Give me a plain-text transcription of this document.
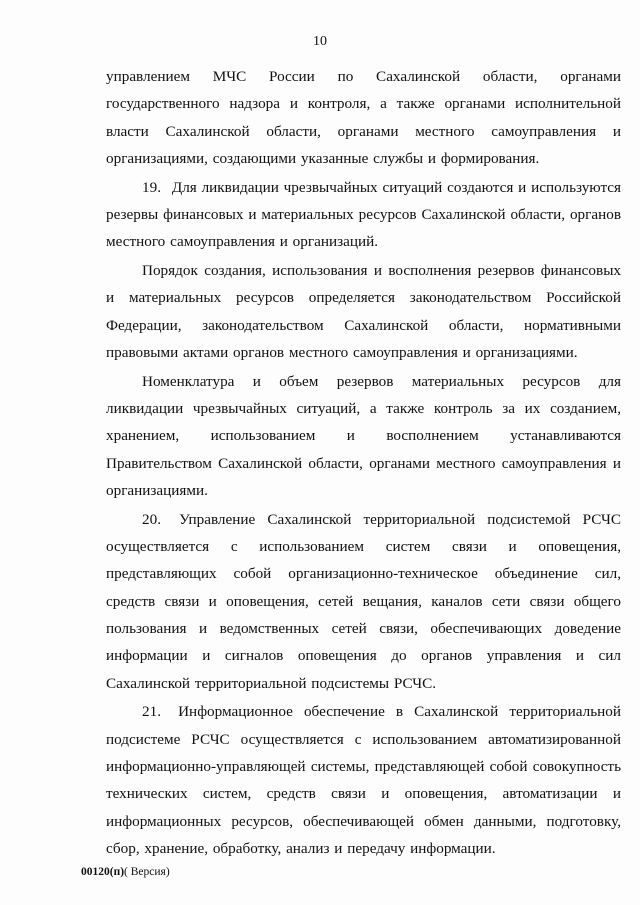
10

управлением МЧС России по Сахалинской области, органами государственного надзора и контроля, а также органами исполнительной власти Сахалинской области, органами местного самоуправления и организациями, создающими указанные службы и формирования.

19. Для ликвидации чрезвычайных ситуаций создаются и используются резервы финансовых и материальных ресурсов Сахалинской области, органов местного самоуправления и организаций.

Порядок создания, использования и восполнения резервов финансовых и материальных ресурсов определяется законодательством Российской Федерации, законодательством Сахалинской области, нормативными правовыми актами органов местного самоуправления и организациями.

Номенклатура и объем резервов материальных ресурсов для ликвидации чрезвычайных ситуаций, а также контроль за их созданием, хранением, использованием и восполнением устанавливаются Правительством Сахалинской области, органами местного самоуправления и организациями.

20. Управление Сахалинской территориальной подсистемой РСЧС осуществляется с использованием систем связи и оповещения, представляющих собой организационно-техническое объединение сил, средств связи и оповещения, сетей вещания, каналов сети связи общего пользования и ведомственных сетей связи, обеспечивающих доведение информации и сигналов оповещения до органов управления и сил Сахалинской территориальной подсистемы РСЧС.

21. Информационное обеспечение в Сахалинской территориальной подсистеме РСЧС осуществляется с использованием автоматизированной информационно-управляющей системы, представляющей собой совокупность технических систем, средств связи и оповещения, автоматизации и информационных ресурсов, обеспечивающей обмен данными, подготовку, сбор, хранение, обработку, анализ и передачу информации.

00120(п)( Версия)
